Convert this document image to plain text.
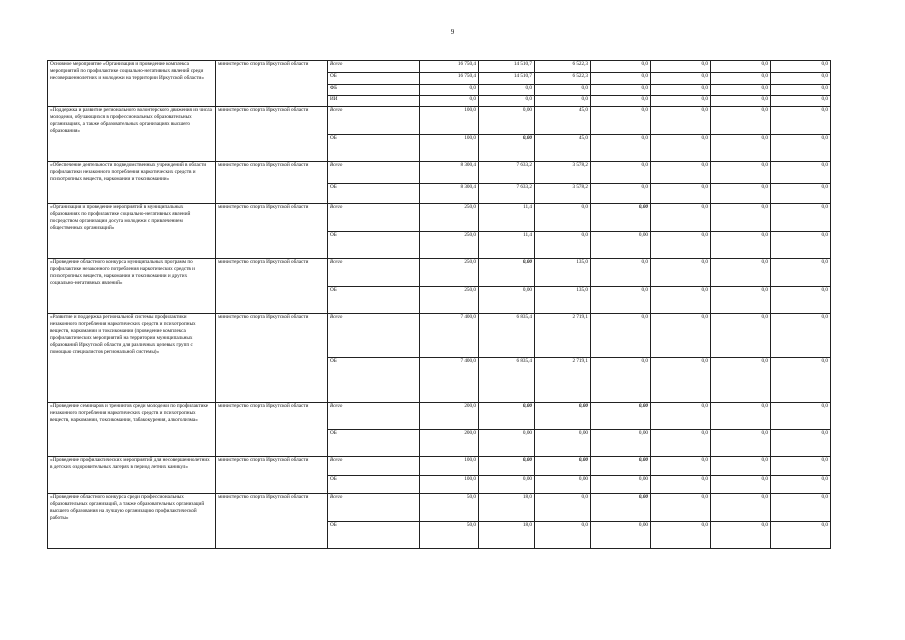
9
Основное мероприятие «Организация и проведение комплекса мероприятий по профилактике социально-негативных явлений среди несовершеннолетних и молодежи на территории Иркутской области»	министерство спорта Иркутской области	Всего	16 750,4	14 510,7	6 522,3	0,0	0,0	0,0	0,0
		ОБ	16 750,4	14 510,7	6 522,3	0,0	0,0	0,0	0,0
		ФБ	0,0	0,0	0,0	0,0	0,0	0,0	0,0
		ИИ	0,0	0,0	0,0	0,0	0,0	0,0	0,0
«Поддержка и развитие регионального волонтерского движения из числа молодежи, обучающихся в профессиональных образовательных организациях, а также образовательных организациях высшего образования»	министерство спорта Иркутской области	Всего	100,0	0,00	45,0	0,0	0,0	0,0	0,0
		ОБ	100,0	0,00	45,0	0,0	0,0	0,0	0,0
«Обеспечение деятельности подведомственных учреждений в области профилактики незаконного потребления наркотических средств и психотропных веществ, наркомании и токсикомании»	министерство спорта Иркутской области	Всего	8 300,4	7 633,2	3 578,2	0,0	0,0	0,0	0,0
		ОБ	8 300,4	7 633,2	3 578,2	0,0	0,0	0,0	0,0
«Организация и проведение мероприятий в муниципальных образованиях по профилактике социально-негативных явлений посредством организации досуга молодежи с привлечением общественных организаций»	министерство спорта Иркутской области	Всего	250,0	11,4	0,0	0,00	0,0	0,0	0,0
		ОБ	250,0	11,4	0,0	0,00	0,0	0,0	0,0
«Проведение областного конкурса муниципальных программ по профилактике незаконного потребления наркотических средств и психотропных веществ, наркомании и токсикомании и других социально-негативных явлений»	министерство спорта Иркутской области	Всего	250,0	0,00	135,0	0,0	0,0	0,0	0,0
		ОБ	250,0	0,00	135,0	0,0	0,0	0,0	0,0
«Развитие и поддержка региональной системы профилактики незаконного потребления наркотических средств и психотропных веществ, наркомании и токсикомании (проведение комплекса профилактических мероприятий на территории муниципальных образований Иркутской области для различных целевых групп с помощью специалистов региональной системы)»	министерство спорта Иркутской области	Всего	7 400,0	6 835,4	2 719,1	0,0	0,0	0,0	0,0
		ОБ	7 400,0	6 835,4	2 719,1	0,0	0,0	0,0	0,0
«Проведение семинаров и тренингов среди молодежи по профилактике незаконного потребления наркотических средств и психотропных веществ, наркомании, токсикомании, табакокурения, алкоголизма»	министерство спорта Иркутской области	Всего	200,0	0,00	0,00	0,00	0,0	0,0	0,0
		ОБ	200,0	0,00	0,00	0,00	0,0	0,0	0,0
«Проведение профилактических мероприятий для несовершеннолетних в детских оздоровительных лагерях в период летних каникул»	министерство спорта Иркутской области	Всего	100,0	0,00	0,00	0,00	0,0	0,0	0,0
		ОБ	100,0	0,00	0,00	0,00	0,0	0,0	0,0
«Проведение областного конкурса среди профессиональных образовательных организаций, а также образовательных организаций высшего образования на лучшую организацию профилактической работы»	министерство спорта Иркутской области	Всего	50,0	18,0	0,0	0,00	0,0	0,0	0,0
		ОБ	50,0	18,0	0,0	0,00	0,0	0,0	0,0
